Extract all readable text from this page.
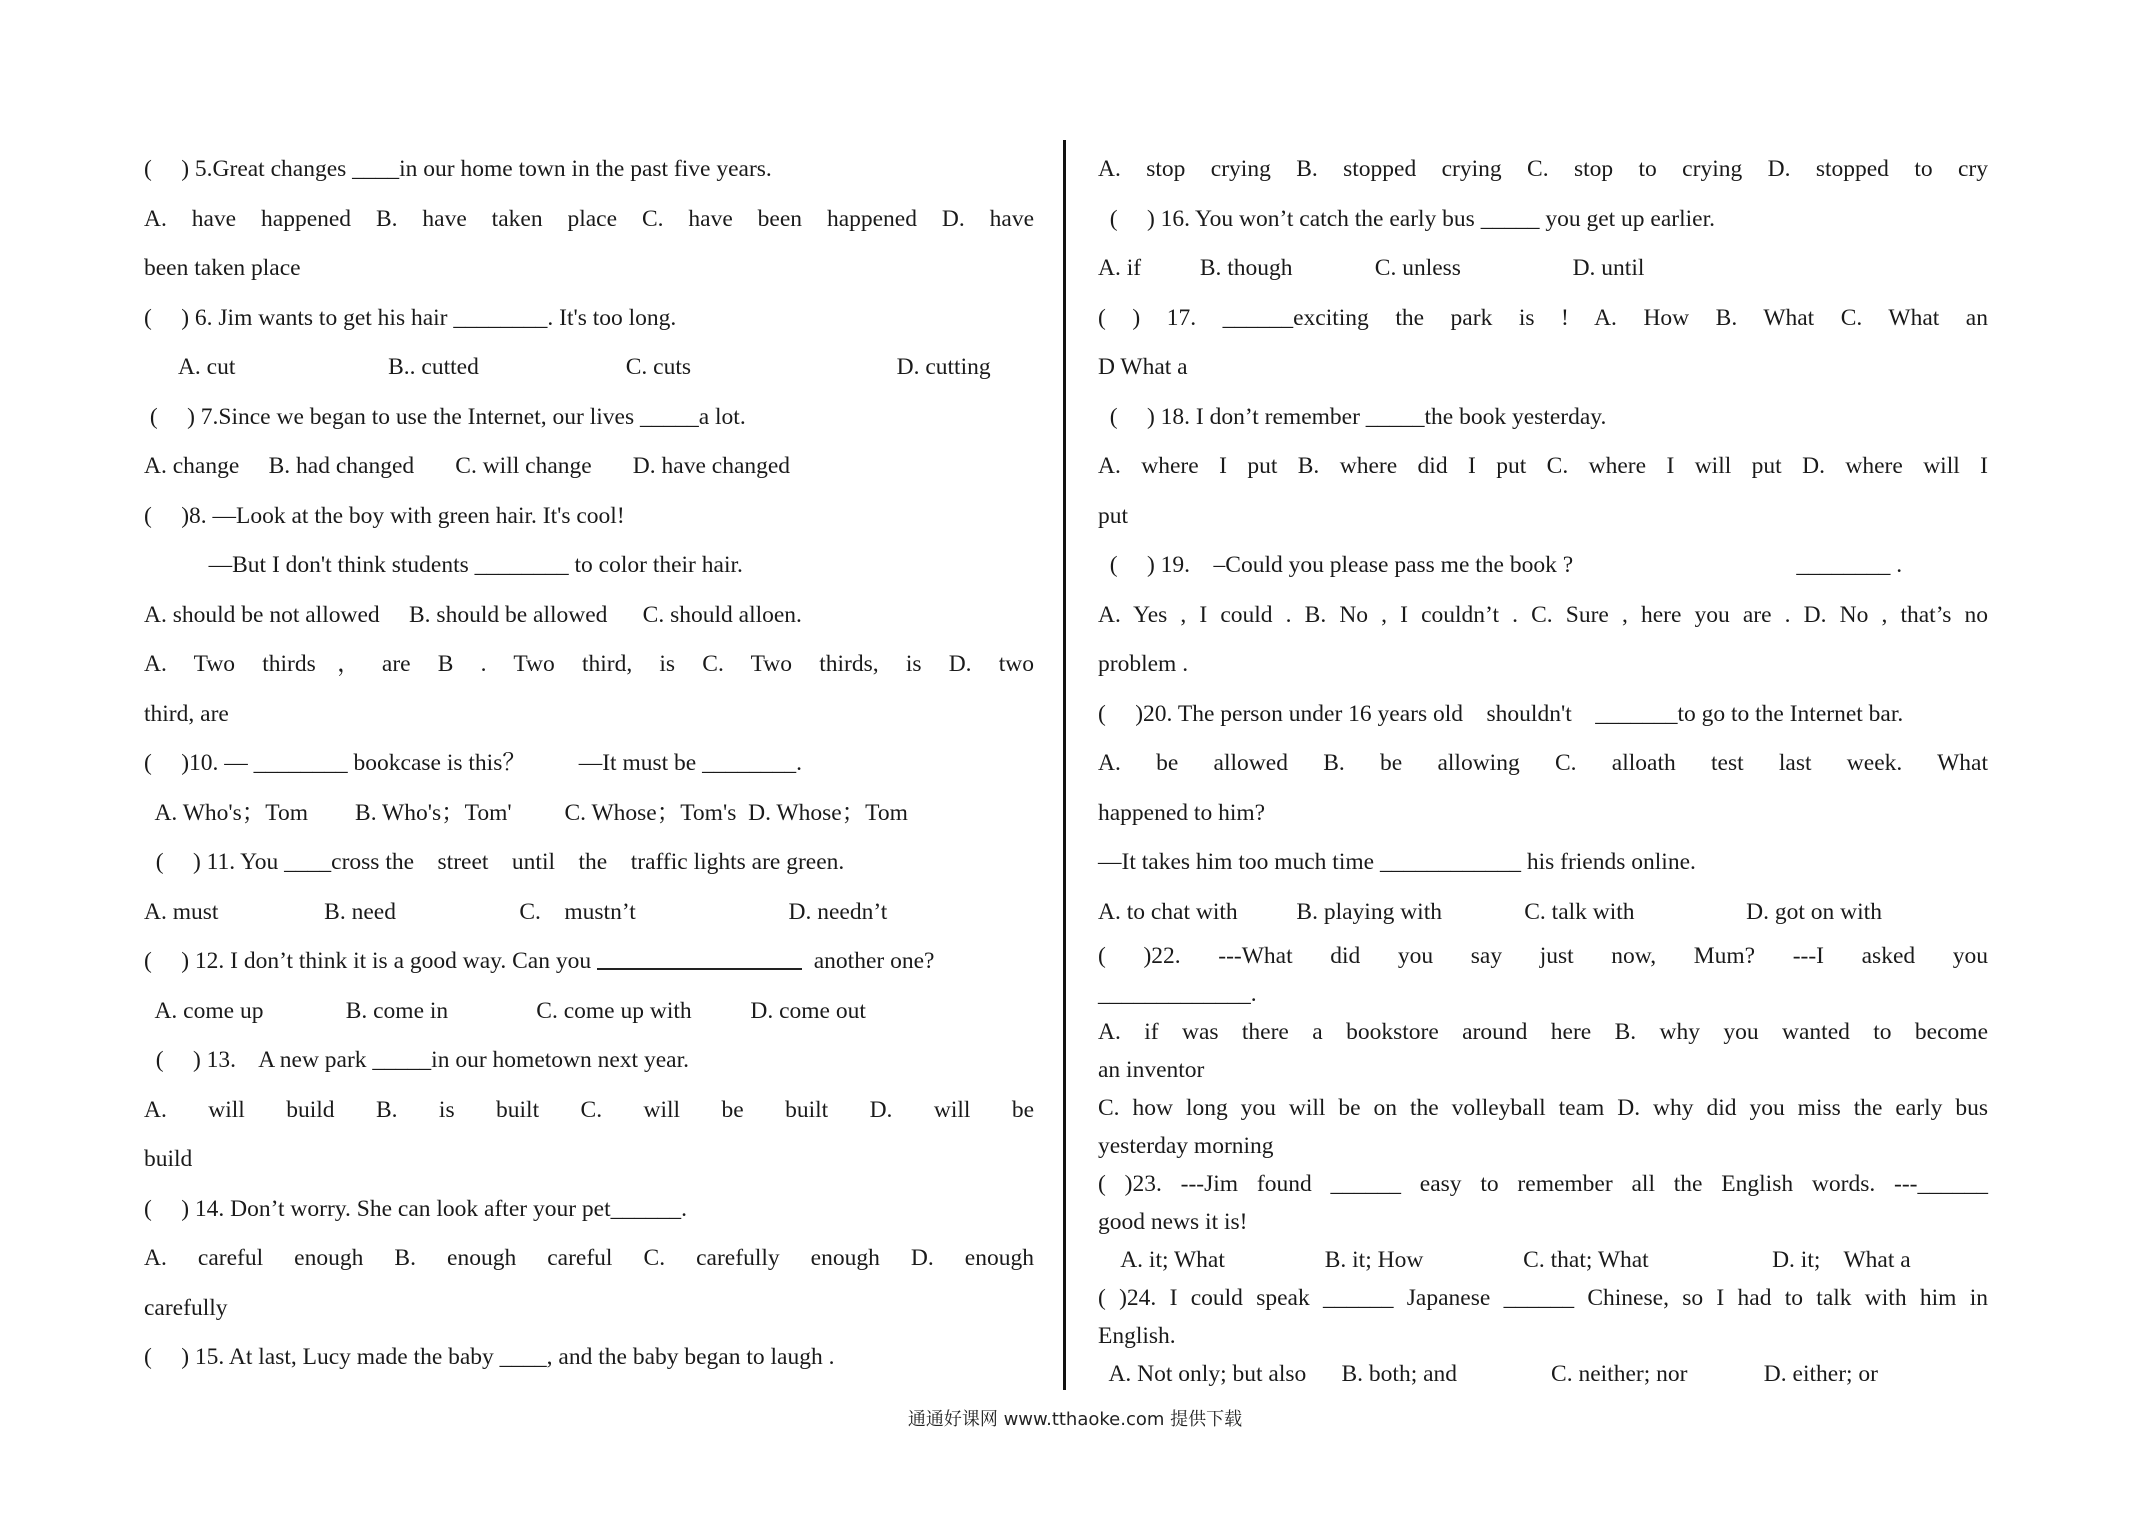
(     ) 5.Great changes ____in our home town in the past five years.
A. have happened B. have taken place C. have been happened D. have
been taken place
(     ) 6. Jim wants to get his hair ________. It's too long.
A. cut                          B.. cutted                         C. cuts                                   D. cutting
(     ) 7.Since we began to use the Internet, our lives _____a lot.
A. change     B. had changed       C. will change       D. have changed
(     )8. —Look at the boy with green hair. It's cool!
—But I don't think students ________ to color their hair.
A. should be not allowed     B. should be allowed      C. should alloen.
A. Two thirds，are B . Two third, is C. Two thirds, is D. two
third, are
(     )10. — ________ bookcase is this？         —It must be ________.
A. Who's；Tom        B. Who's；Tom'         C. Whose；Tom's  D. Whose；Tom
(     ) 11. You ____cross the    street    until    the    traffic lights are green.
A. must                  B. need                     C.    mustn’t                          D. needn’t
(     ) 12. I don’t think it is a good way. Can you	another one?
A. come up              B. come in               C. come up with          D. come out
(     ) 13.    A new park _____in our hometown next year.
A. will build B. is built C. will be built D. will be
build
(     ) 14. Don’t worry. She can look after your pet______.
A. careful enough B. enough careful C. carefully enough D. enough
carefully
(     ) 15. At last, Lucy made the baby ____, and the baby began to laugh .
A. stop crying B. stopped crying C. stop to crying D. stopped to cry
(     ) 16. You won’t catch the early bus _____ you get up earlier.
A. if          B. though              C. unless                   D. until
( ) 17. ______exciting the park is ! A. How B. What C. What an
D What a
(     ) 18. I don’t remember _____the book yesterday.
A. where I put B. where did I put C. where I will put D. where will I
put
(     ) 19.    –Could you please pass me the book ?                                      ________ .
A. Yes , I could . B. No , I couldn’t . C. Sure , here you are . D. No , that’s no
problem .
(     )20. The person under 16 years old    shouldn't    _______to go to the Internet bar.
A. be allowed B. be allowing C. alloath test last week. What
happened to him?
—It takes him too much time ____________ his friends online.
A. to chat with          B. playing with              C. talk with                   D. got on with
( )22. ---What did you say just now, Mum? ---I asked you
_____________.
A. if was there a bookstore around here B. why you wanted to become
an inventor
C. how long you will be on the volleyball team D. why did you miss the early bus
yesterday morning
( )23. ---Jim found ______ easy to remember all the English words. ---______
good news it is!
A. it; What                 B. it; How                 C. that; What                     D. it;    What a
( )24. I could speak ______ Japanese ______ Chinese, so I had to talk with him in
English.
A. Not only; but also      B. both; and                C. neither; nor             D. either; or
通通好课网 www.tthaoke.com 提供下载
